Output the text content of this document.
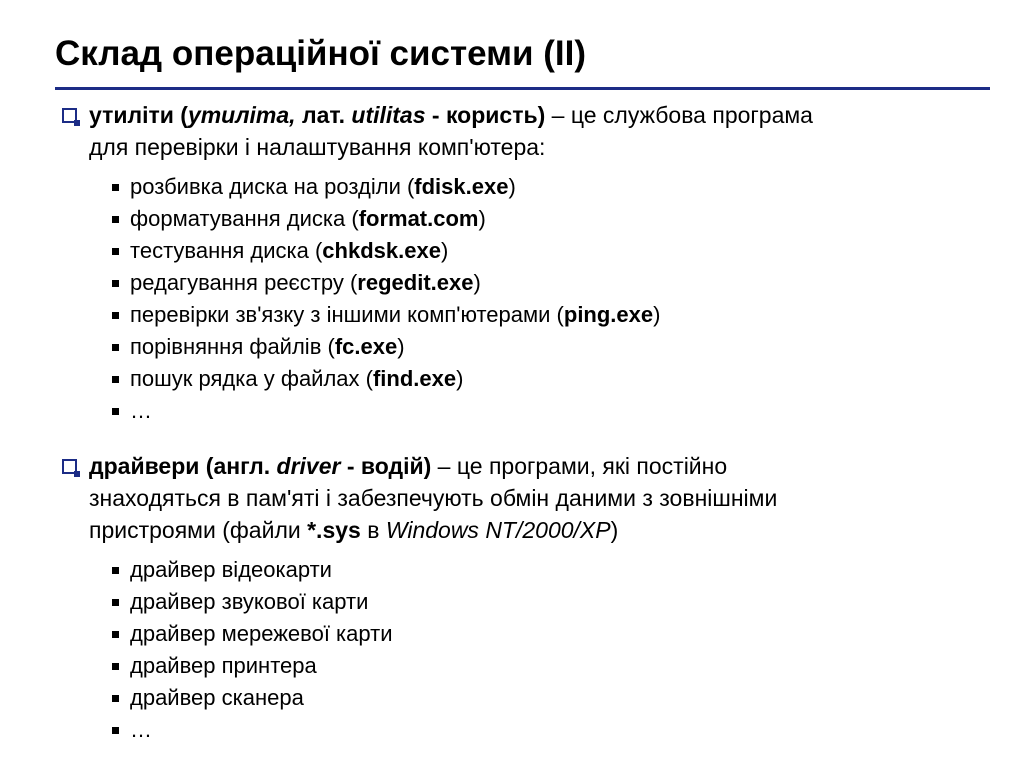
Склад операційної системи (II)
утиліти (утиліта, лат. utilitas - користь) – це службова програма
для перевірки і налаштування комп'ютера:
розбивка диска на розділи (fdisk.exe)
форматування диска (format.com)
тестування диска (chkdsk.exe)
редагування реєстру (regedit.exe)
перевірки зв'язку з іншими комп'ютерами (ping.exe)
порівняння файлів (fc.exe)
пошук рядка у файлах (find.exe)
…
драйвери (англ. driver - водій) – це програми, які постійно
знаходяться в пам'яті і забезпечують обмін даними з зовнішніми
пристроями (файли *.sys в Windows NT/2000/XP)
драйвер відеокарти
драйвер звукової карти
драйвер мережевої карти
драйвер принтера
драйвер сканера
…
